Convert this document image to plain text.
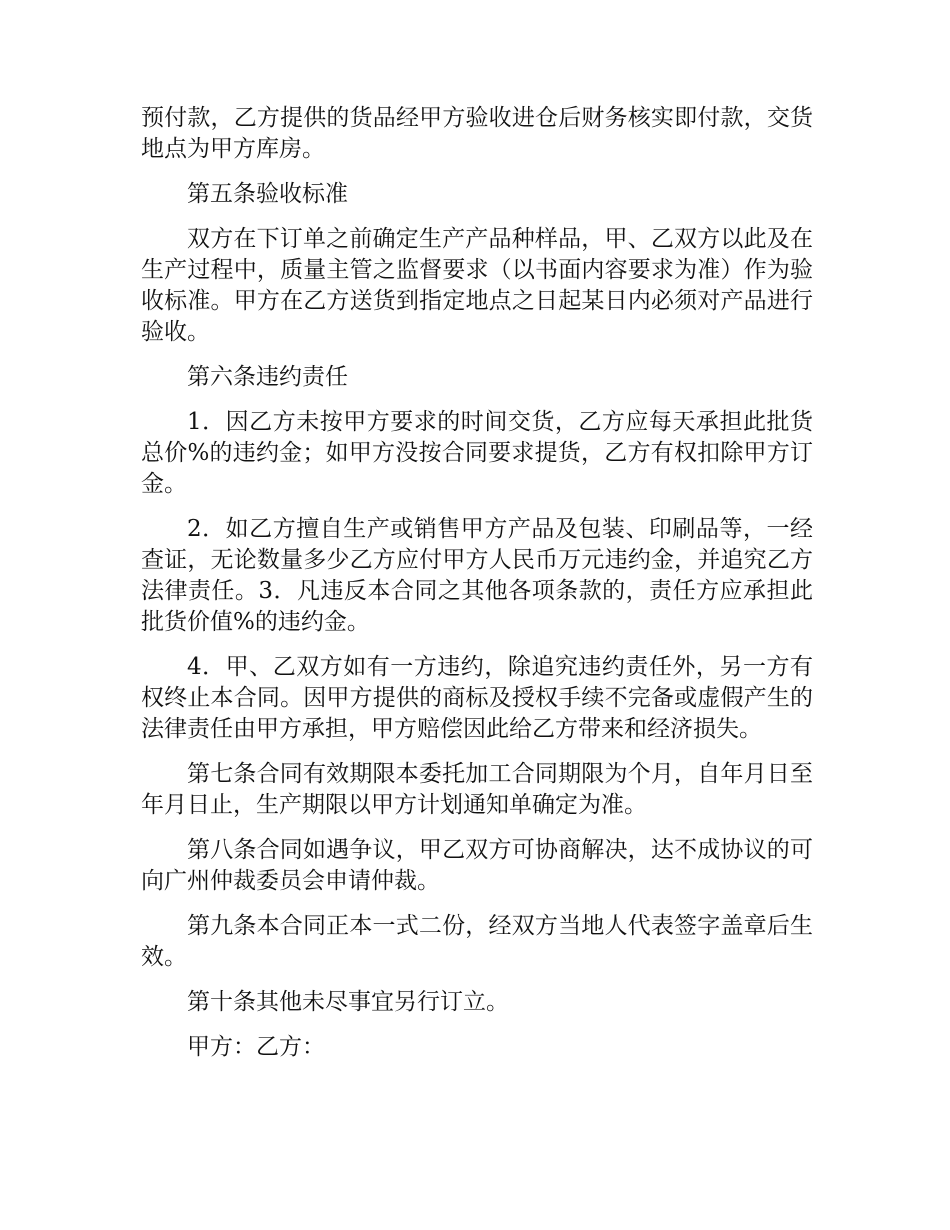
预付款，乙方提供的货品经甲方验收进仓后财务核实即付款，交货地点为甲方库房。

第五条验收标准

双方在下订单之前确定生产产品种样品，甲、乙双方以此及在生产过程中，质量主管之监督要求（以书面内容要求为准）作为验收标准。甲方在乙方送货到指定地点之日起某日内必须对产品进行验收。

第六条违约责任

1．因乙方未按甲方要求的时间交货，乙方应每天承担此批货总价%的违约金；如甲方没按合同要求提货，乙方有权扣除甲方订金。

2．如乙方擅自生产或销售甲方产品及包装、印刷品等，一经查证，无论数量多少乙方应付甲方人民币万元违约金，并追究乙方法律责任。3．凡违反本合同之其他各项条款的，责任方应承担此批货价值%的违约金。

4．甲、乙双方如有一方违约，除追究违约责任外，另一方有权终止本合同。因甲方提供的商标及授权手续不完备或虚假产生的法律责任由甲方承担，甲方赔偿因此给乙方带来和经济损失。

第七条合同有效期限本委托加工合同期限为个月，自年月日至年月日止，生产期限以甲方计划通知单确定为准。

第八条合同如遇争议，甲乙双方可协商解决，达不成协议的可向广州仲裁委员会申请仲裁。

第九条本合同正本一式二份，经双方当地人代表签字盖章后生效。

第十条其他未尽事宜另行订立。

甲方：乙方：
